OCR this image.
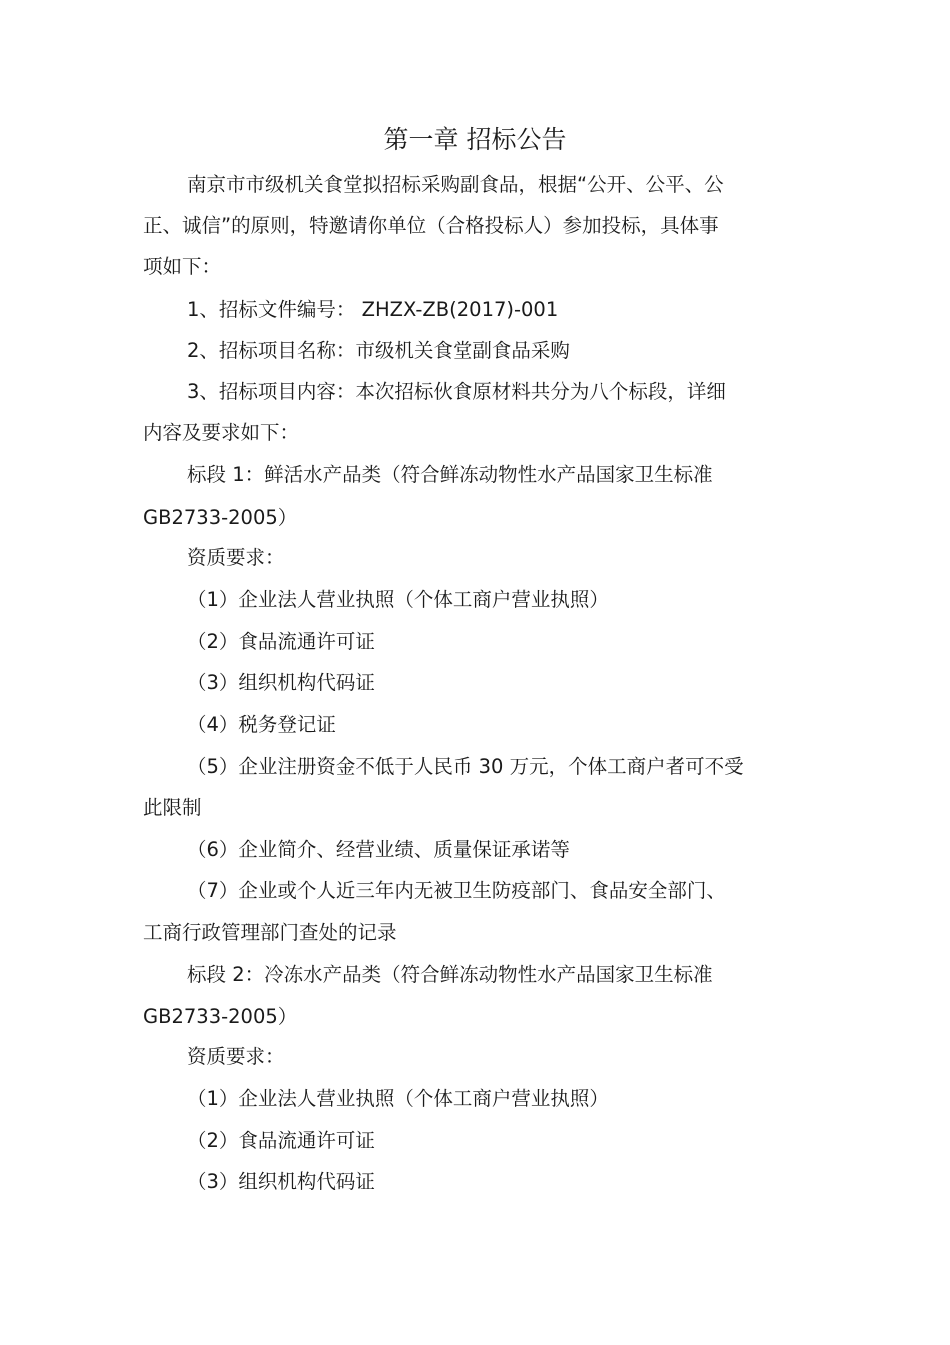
第一章 招标公告

南京市市级机关食堂拟招标采购副食品，根据“公开、公平、公

正、诚信”的原则，特邀请你单位（合格投标人）参加投标，具体事

项如下：

1、招标文件编号： ZHZX-ZB(2017)-001

2、招标项目名称：市级机关食堂副食品采购

3、招标项目内容：本次招标伙食原材料共分为八个标段，详细

内容及要求如下：

标段 1：鲜活水产品类（符合鲜冻动物性水产品国家卫生标准

GB2733-2005）

资质要求：

（1）企业法人营业执照（个体工商户营业执照）

（2）食品流通许可证

（3）组织机构代码证

（4）税务登记证

（5）企业注册资金不低于人民币 30 万元，个体工商户者可不受

此限制

（6）企业简介、经营业绩、质量保证承诺等

（7）企业或个人近三年内无被卫生防疫部门、食品安全部门、

工商行政管理部门查处的记录

标段 2：冷冻水产品类（符合鲜冻动物性水产品国家卫生标准

GB2733-2005）

资质要求：

（1）企业法人营业执照（个体工商户营业执照）

（2）食品流通许可证

（3）组织机构代码证
